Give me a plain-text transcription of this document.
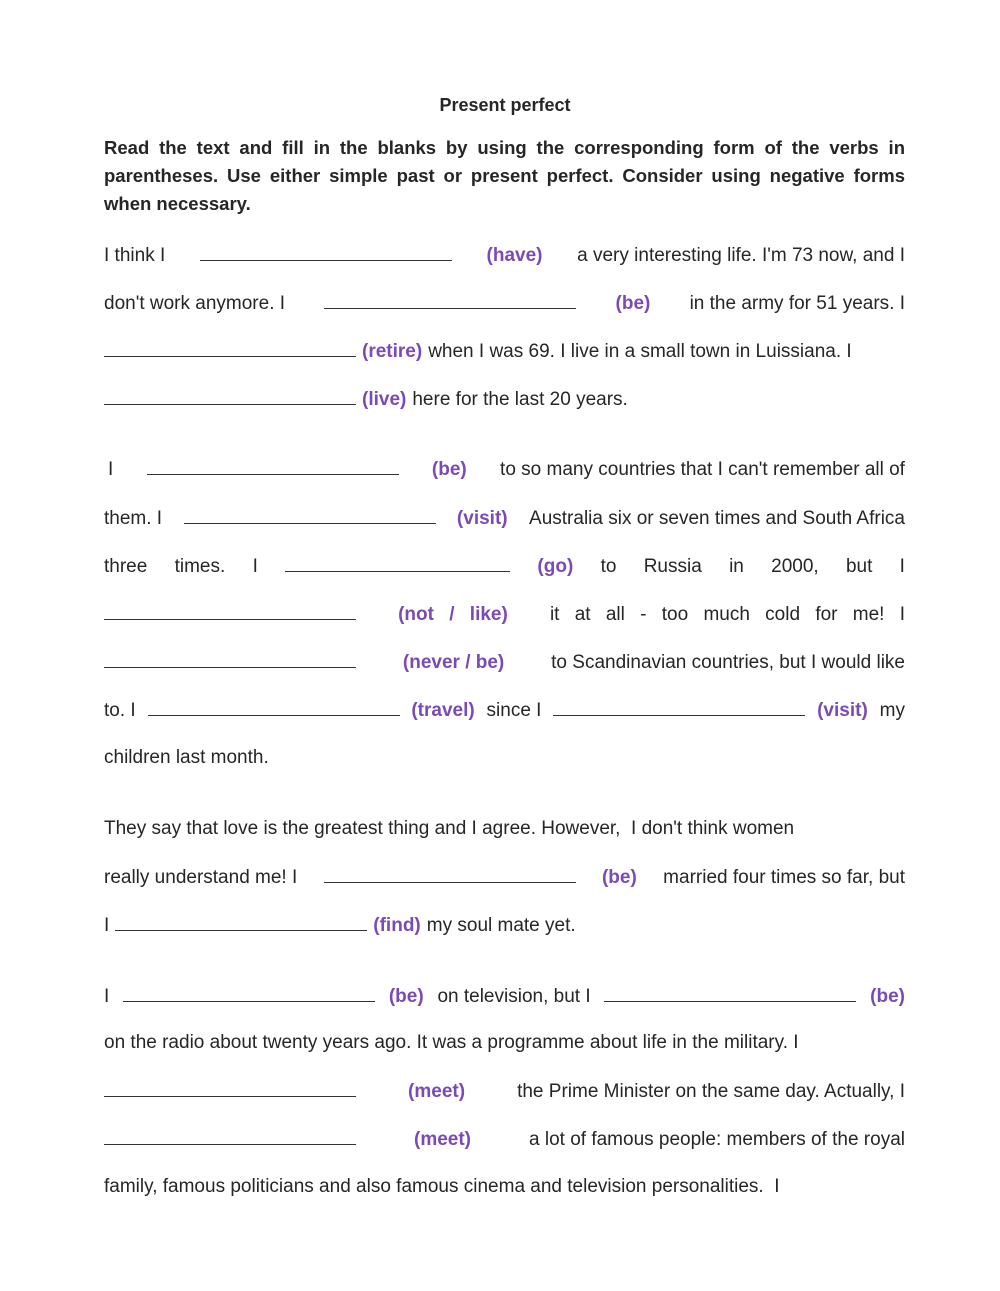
Present perfect
Read the text and fill in the blanks by using the corresponding form of the verbs in parentheses. Use either simple past or present perfect. Consider using negative forms when necessary.
I think I	(have) a very interesting life. I'm 73 now, and I
don't work anymore. I	(be) in the army for 51 years. I
(retire) when I was 69. I live in a small town in Luissiana. I
(live) here for the last 20 years.
I	(be) to so many countries that I can't remember all of
them. I	(visit) Australia six or seven times and South Africa
three times. I	(go) to Russia in 2000, but I
(not / like) it at all - too much cold for me! I
(never / be) to Scandinavian countries, but I would like
to. I	(travel) since I	(visit) my
children last month.
They say that love is the greatest thing and I agree. However,  I don't think women
really understand me! I	(be) married four times so far, but
I	(find) my soul mate yet.
I	(be) on television, but I	(be)
on the radio about twenty years ago. It was a programme about life in the military. I
(meet)	the Prime Minister on the same day. Actually, I
(meet)	a lot of famous people: members of the royal
family, famous politicians and also famous cinema and television personalities.  I
